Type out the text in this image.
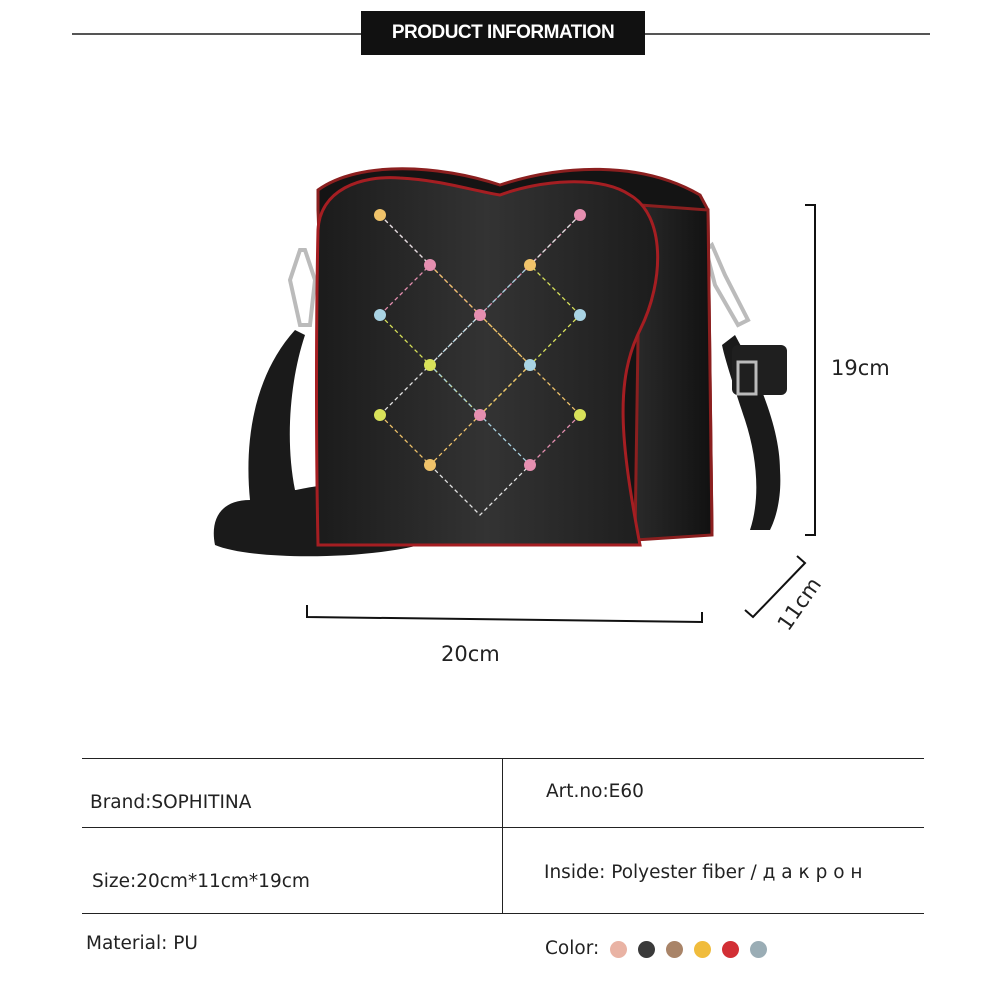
PRODUCT INFORMATION
19cm
20cm
11cm
Brand:SOPHITINA
Art.no:E60
Size:20cm*11cm*19cm	Inside: Polyester fiber / д а к р о н
Material: PU	Color:
